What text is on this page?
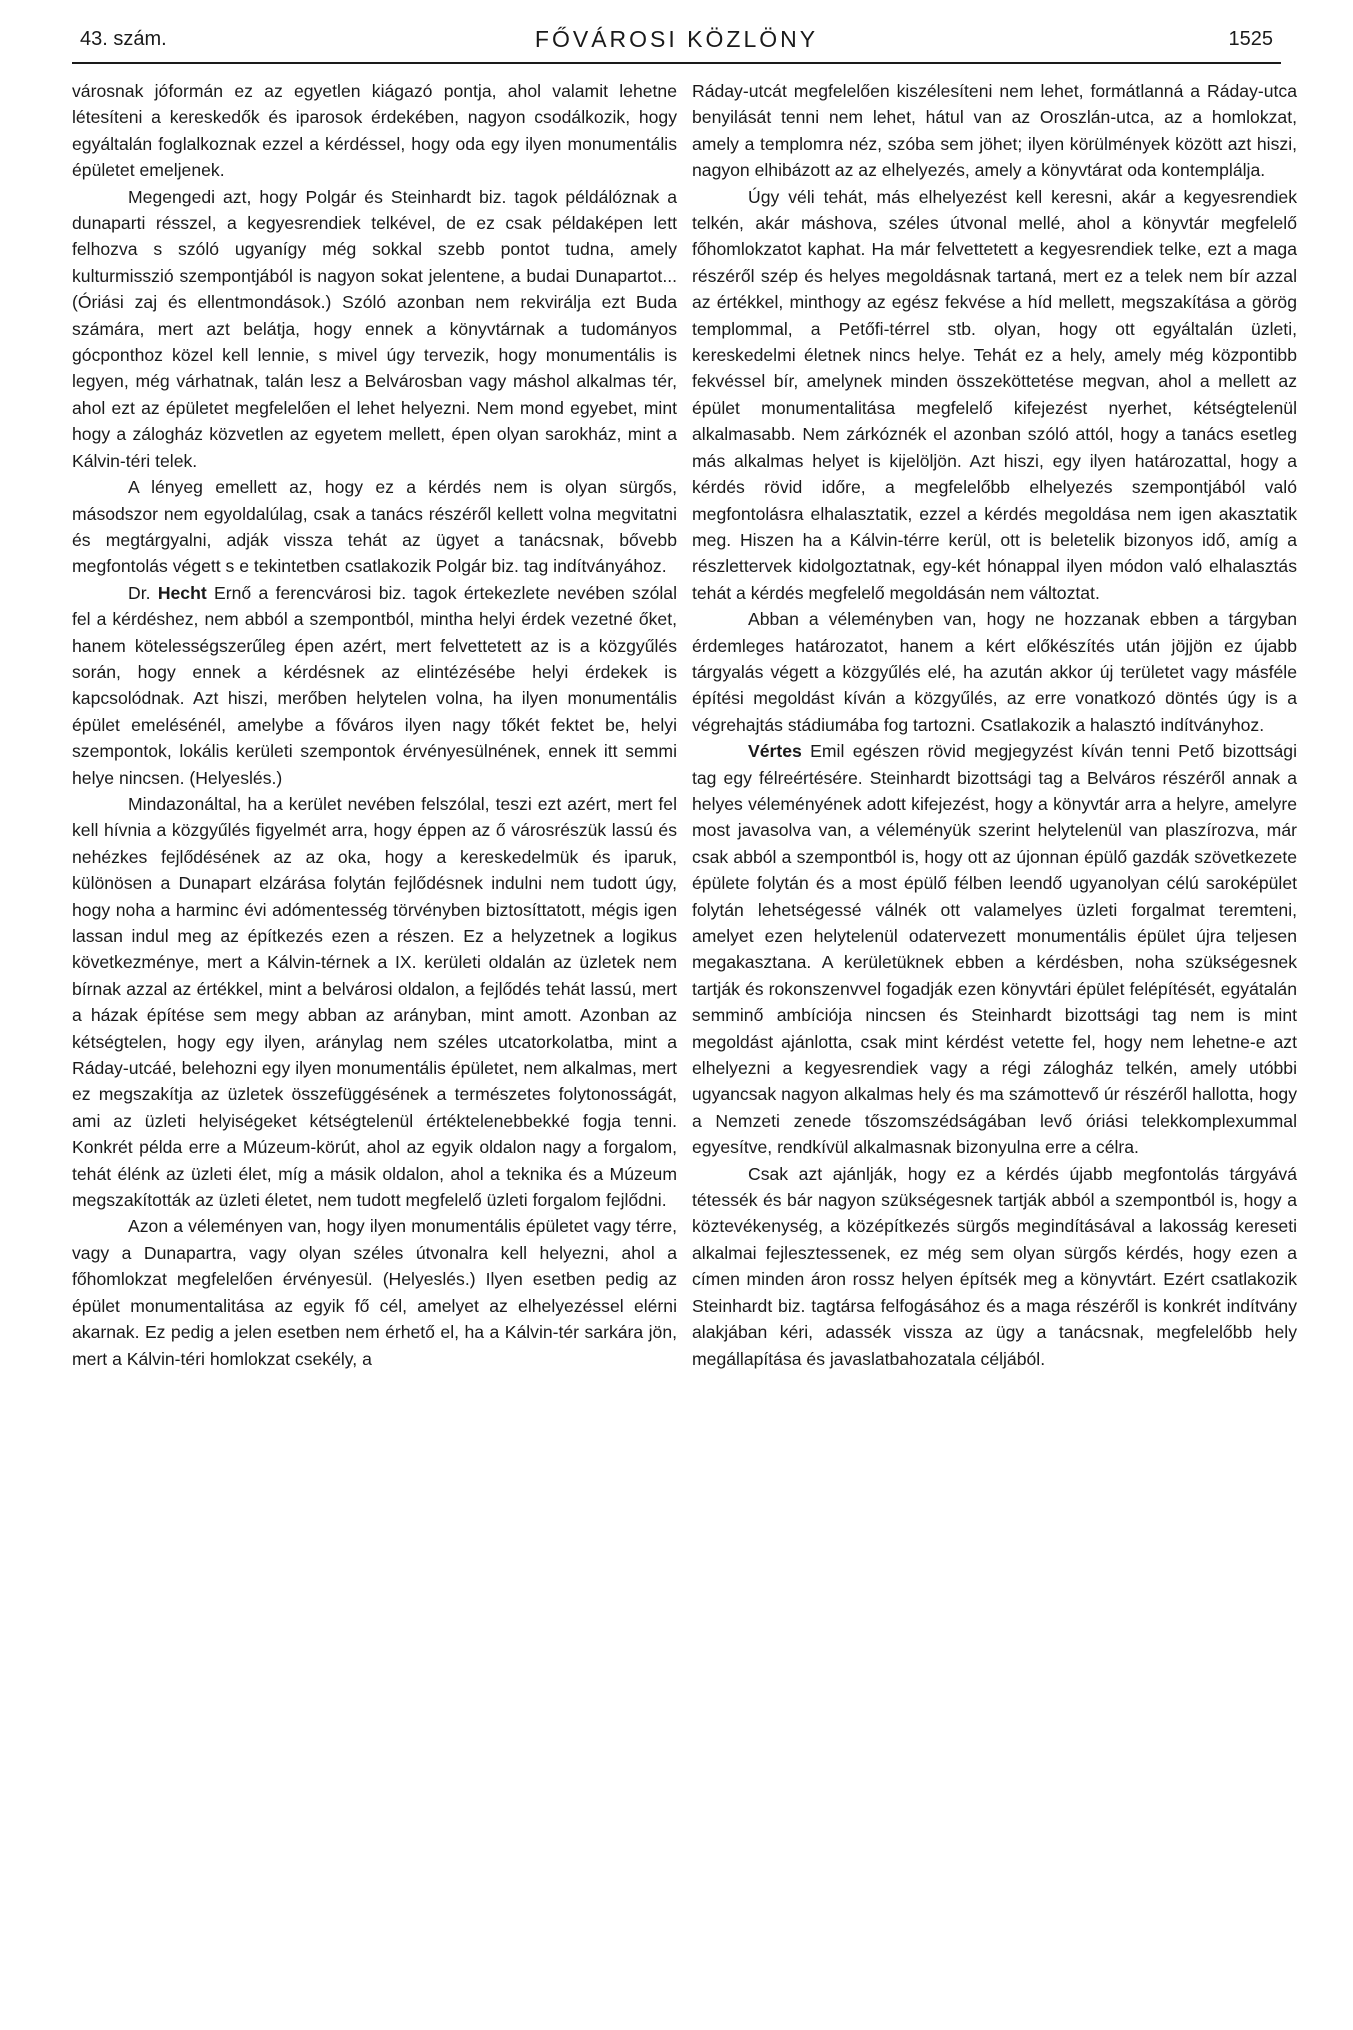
43. szám.	FŐVÁROSI KÖZLÖNY	1525

városnak jóformán ez az egyetlen kiágazó pontja, ahol valamit lehetne létesíteni a kereskedők és iparosok érdekében, nagyon csodálkozik, hogy egyáltalán foglalkoznak ezzel a kérdéssel, hogy oda egy ilyen monumentális épületet emeljenek.

Megengedi azt, hogy Polgár és Steinhardt biz. tagok példálóznak a dunaparti résszel, a kegyesrendiek telkével, de ez csak példaképen lett felhozva s szóló ugyanígy még sokkal szebb pontot tudna, amely kulturmisszió szempontjából is nagyon sokat jelentene, a budai Dunapartot... (Óriási zaj és ellentmondások.) Szóló azonban nem rekvirálja ezt Buda számára, mert azt belátja, hogy ennek a könyvtárnak a tudományos gócponthoz közel kell lennie, s mivel úgy tervezik, hogy monumentális is legyen, még várhatnak, talán lesz a Belvárosban vagy máshol alkalmas tér, ahol ezt az épületet megfelelően el lehet helyezni. Nem mond egyebet, mint hogy a zálogház közvetlen az egyetem mellett, épen olyan sarokház, mint a Kálvin-téri telek.

A lényeg emellett az, hogy ez a kérdés nem is olyan sürgős, másodszor nem egyoldalúlag, csak a tanács részéről kellett volna megvitatni és megtárgyalni, adják vissza tehát az ügyet a tanácsnak, bővebb megfontolás végett s e tekintetben csatlakozik Polgár biz. tag indítványához.

Dr. Hecht Ernő a ferencvárosi biz. tagok értekezlete nevében szólal fel a kérdéshez, nem abból a szempontból, mintha helyi érdek vezetné őket, hanem kötelességszerűleg épen azért, mert felvettetett az is a közgyűlés során, hogy ennek a kérdésnek az elintézésébe helyi érdekek is kapcsolódnak. Azt hiszi, merőben helytelen volna, ha ilyen monumentális épület emelésénél, amelybe a főváros ilyen nagy tőkét fektet be, helyi szempontok, lokális kerületi szempontok érvényesülnének, ennek itt semmi helye nincsen. (Helyeslés.)

Mindazonáltal, ha a kerület nevében felszólal, teszi ezt azért, mert fel kell hívnia a közgyűlés figyelmét arra, hogy éppen az ő városrészük lassú és nehézkes fejlődésének az az oka, hogy a kereskedelmük és iparuk, különösen a Dunapart elzárása folytán fejlődésnek indulni nem tudott úgy, hogy noha a harminc évi adómentesség törvényben biztosíttatott, mégis igen lassan indul meg az építkezés ezen a részen. Ez a helyzetnek a logikus következménye, mert a Kálvin-térnek a IX. kerületi oldalán az üzletek nem bírnak azzal az értékkel, mint a belvárosi oldalon, a fejlődés tehát lassú, mert a házak építése sem megy abban az arányban, mint amott. Azonban az kétségtelen, hogy egy ilyen, aránylag nem széles utcatorkolatba, mint a Ráday-utcáé, belehozni egy ilyen monumentális épületet, nem alkalmas, mert ez megszakítja az üzletek összefüggésének a természetes folytonosságát, ami az üzleti helyiségeket kétségtelenül értéktelenebbekké fogja tenni. Konkrét példa erre a Múzeum-körút, ahol az egyik oldalon nagy a forgalom, tehát élénk az üzleti élet, míg a másik oldalon, ahol a teknika és a Múzeum megszakították az üzleti életet, nem tudott megfelelő üzleti forgalom fejlődni.

Azon a véleményen van, hogy ilyen monumentális épületet vagy térre, vagy a Dunapartra, vagy olyan széles útvonalra kell helyezni, ahol a főhomlokzat megfelelően érvényesül. (Helyeslés.) Ilyen esetben pedig az épület monumentalitása az egyik fő cél, amelyet az elhelyezéssel elérni akarnak. Ez pedig a jelen esetben nem érhető el, ha a Kálvin-tér sarkára jön, mert a Kálvin-téri homlokzat csekély, a

Ráday-utcát megfelelően kiszélesíteni nem lehet, formátlanná a Ráday-utca benyilását tenni nem lehet, hátul van az Oroszlán-utca, az a homlokzat, amely a templomra néz, szóba sem jöhet; ilyen körülmények között azt hiszi, nagyon elhibázott az az elhelyezés, amely a könyvtárat oda kontemplálja.

Úgy véli tehát, más elhelyezést kell keresni, akár a kegyesrendiek telkén, akár máshova, széles útvonal mellé, ahol a könyvtár megfelelő főhomlokzatot kaphat. Ha már felvettetett a kegyesrendiek telke, ezt a maga részéről szép és helyes megoldásnak tartaná, mert ez a telek nem bír azzal az értékkel, minthogy az egész fekvése a híd mellett, megszakítása a görög templommal, a Petőfi-térrel stb. olyan, hogy ott egyáltalán üzleti, kereskedelmi életnek nincs helye. Tehát ez a hely, amely még központibb fekvéssel bír, amelynek minden összeköttetése megvan, ahol a mellett az épület monumentalitása megfelelő kifejezést nyerhet, kétségtelenül alkalmasabb. Nem zárkóznék el azonban szóló attól, hogy a tanács esetleg más alkalmas helyet is kijelöljön. Azt hiszi, egy ilyen határozattal, hogy a kérdés rövid időre, a megfelelőbb elhelyezés szempontjából való megfontolásra elhalasztatik, ezzel a kérdés megoldása nem igen akasztatik meg. Hiszen ha a Kálvin-térre kerül, ott is beletelik bizonyos idő, amíg a részlettervek kidolgoztatnak, egy-két hónappal ilyen módon való elhalasztás tehát a kérdés megfelelő megoldásán nem változtat.

Abban a véleményben van, hogy ne hozzanak ebben a tárgyban érdemleges határozatot, hanem a kért előkészítés után jöjjön ez újabb tárgyalás végett a közgyűlés elé, ha azután akkor új területet vagy másféle építési megoldást kíván a közgyűlés, az erre vonatkozó döntés úgy is a végrehajtás stádiumába fog tartozni. Csatlakozik a halasztó indítványhoz.

Vértes Emil egészen rövid megjegyzést kíván tenni Pető bizottsági tag egy félreértésére. Steinhardt bizottsági tag a Belváros részéről annak a helyes véleményének adott kifejezést, hogy a könyvtár arra a helyre, amelyre most javasolva van, a véleményük szerint helytelenül van plaszírozva, már csak abból a szempontból is, hogy ott az újonnan épülő gazdák szövetkezete épülete folytán és a most épülő félben leendő ugyanolyan célú saroképület folytán lehetségessé válnék ott valamelyes üzleti forgalmat teremteni, amelyet ezen helytelenül odatervezett monumentális épület újra teljesen megakasztana. A kerületüknek ebben a kérdésben, noha szükségesnek tartják és rokonszenvvel fogadják ezen könyvtári épület felépítését, egyátalán semminő ambíciója nincsen és Steinhardt bizottsági tag nem is mint megoldást ajánlotta, csak mint kérdést vetette fel, hogy nem lehetne-e azt elhelyezni a kegyesrendiek vagy a régi zálogház telkén, amely utóbbi ugyancsak nagyon alkalmas hely és ma számottevő úr részéről hallotta, hogy a Nemzeti zenede tőszomszédságában levő óriási telekkomplexummal egyesítve, rendkívül alkalmasnak bizonyulna erre a célra.

Csak azt ajánlják, hogy ez a kérdés újabb megfontolás tárgyává tétessék és bár nagyon szükségesnek tartják abból a szempontból is, hogy a köztevékenység, a középítkezés sürgős megindításával a lakosság kereseti alkalmai fejlesztessenek, ez még sem olyan sürgős kérdés, hogy ezen a címen minden áron rossz helyen építsék meg a könyvtárt. Ezért csatlakozik Steinhardt biz. tagtársa felfogásához és a maga részéről is konkrét indítvány alakjában kéri, adassék vissza az ügy a tanácsnak, megfelelőbb hely megállapítása és javaslatbahozatala céljából.
